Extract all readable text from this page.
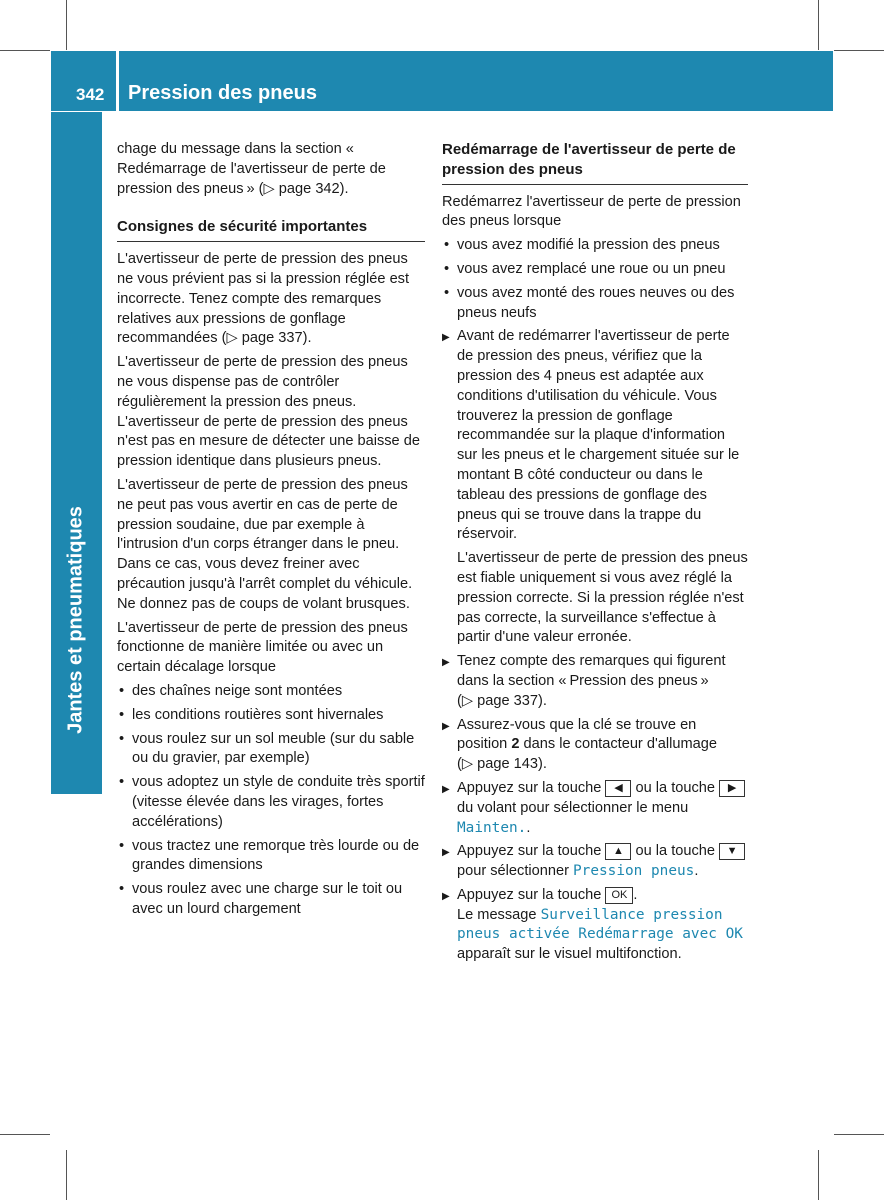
342 Pression des pneus
Jantes et pneumatiques

chage du message dans la section « Redémarrage de l'avertisseur de perte de pression des pneus » (▷ page 342).

Consignes de sécurité importantes

L'avertisseur de perte de pression des pneus ne vous prévient pas si la pression réglée est incorrecte. Tenez compte des remarques relatives aux pressions de gonflage recommandées (▷ page 337).

L'avertisseur de perte de pression des pneus ne vous dispense pas de contrôler régulièrement la pression des pneus. L'avertisseur de perte de pression des pneus n'est pas en mesure de détecter une baisse de pression identique dans plusieurs pneus.

L'avertisseur de perte de pression des pneus ne peut pas vous avertir en cas de perte de pression soudaine, due par exemple à l'intrusion d'un corps étranger dans le pneu. Dans ce cas, vous devez freiner avec précaution jusqu'à l'arrêt complet du véhicule. Ne donnez pas de coups de volant brusques.

L'avertisseur de perte de pression des pneus fonctionne de manière limitée ou avec un certain décalage lorsque

• des chaînes neige sont montées
• les conditions routières sont hivernales
• vous roulez sur un sol meuble (sur du sable ou du gravier, par exemple)
• vous adoptez un style de conduite très sportif (vitesse élevée dans les virages, fortes accélérations)
• vous tractez une remorque très lourde ou de grandes dimensions
• vous roulez avec une charge sur le toit ou avec un lourd chargement
Redémarrage de l'avertisseur de perte de pression des pneus

Redémarrez l'avertisseur de perte de pression des pneus lorsque

• vous avez modifié la pression des pneus
• vous avez remplacé une roue ou un pneu
• vous avez monté des roues neuves ou des pneus neufs
▶ Avant de redémarrer l'avertisseur de perte de pression des pneus, vérifiez que la pression des 4 pneus est adaptée aux conditions d'utilisation du véhicule. Vous trouverez la pression de gonflage recommandée sur la plaque d'information sur les pneus et le chargement située sur le montant B côté conducteur ou dans le tableau des pressions de gonflage des pneus qui se trouve dans la trappe du réservoir.

L'avertisseur de perte de pression des pneus est fiable uniquement si vous avez réglé la pression correcte. Si la pression réglée n'est pas correcte, la surveillance s'effectue à partir d'une valeur erronée.

▶ Tenez compte des remarques qui figurent dans la section « Pression des pneus »
(▷ page 337).
▶ Assurez-vous que la clé se trouve en position 2 dans le contacteur d'allumage
(▷ page 143).
▶ Appuyez sur la touche ◀ ou la touche ▶ du volant pour sélectionner le menu Mainten..
▶ Appuyez sur la touche ▲ ou la touche ▼ pour sélectionner Pression pneus.
▶ Appuyez sur la touche OK .
Le message Surveillance pression pneus activée Redémarrage avec OK apparaît sur le visuel multifonction.
